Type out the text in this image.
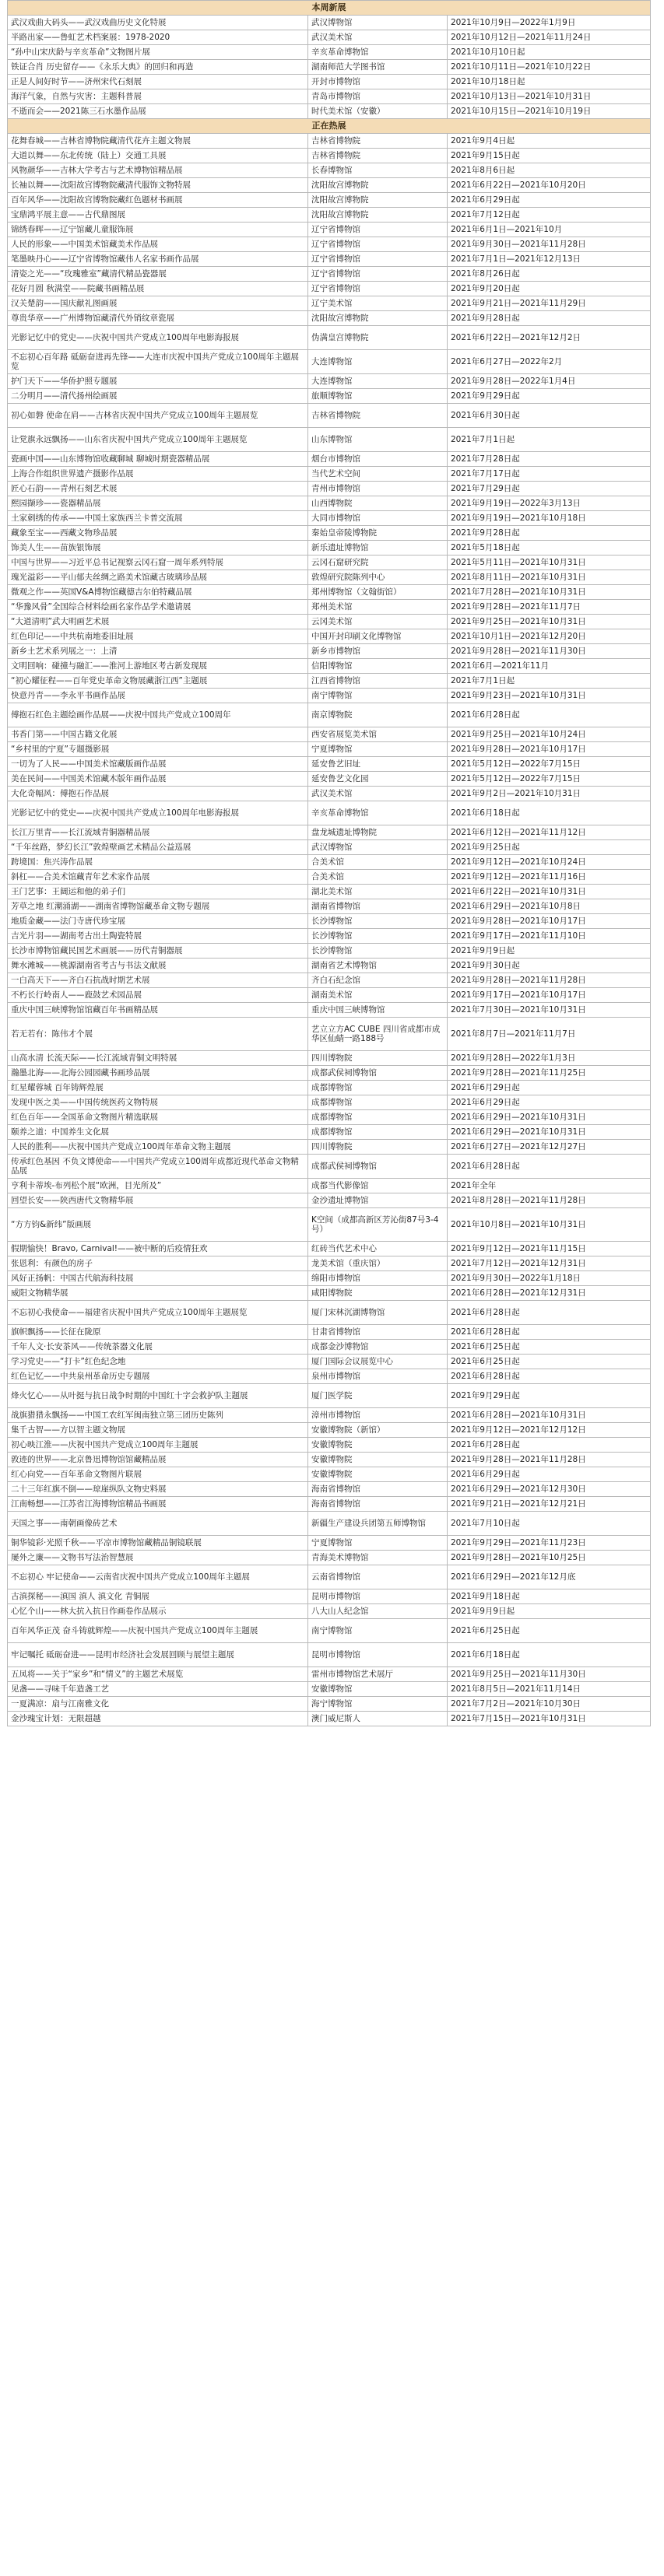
本周新展		
武汉戏曲大码头——武汉戏曲历史文化特展	武汉博物馆	2021年10月9日—2022年1月9日
半路出家——鲁虹艺术档案展：1978-2020	武汉美术馆	2021年10月12日—2021年11月24日
“孙中山宋庆龄与辛亥革命”文物图片展	辛亥革命博物馆	2021年10月10日起
铁证合肖 历史留存——《永乐大典》的回归和再造	湖南师范大学图书馆	2021年10月11日—2021年10月22日
正是人间好时节——济州宋代石刻展	开封市博物馆	2021年10月18日起
海洋气象，自然与灾害：主题科普展	青岛市博物馆	2021年10月13日—2021年10月31日
不逝而会——2021陈三石水墨作品展	时代美术馆（安徽）	2021年10月15日—2021年10月19日
正在热展		
花舞春城——吉林省博物院藏清代花卉主题文物展	吉林省博物院	2021年9月4日起
大道以舞——东北传统（陆上）交通工具展	吉林省博物院	2021年9月15日起
风物颜华——吉林大学考古与艺术博物馆精品展	长春博物馆	2021年8月6日起
长袖以舞——沈阳故宫博物院藏清代服饰文物特展	沈阳故宫博物院	2021年6月22日—2021年10月20日
百年风华——沈阳故宫博物院藏红色题材书画展	沈阳故宫博物院	2021年6月29日起
宝鼎鸿平展主意——古代鼎图展	沈阳故宫博物院	2021年7月12日起
锦绣春晖——辽宁馆藏儿童服饰展	辽宁省博物馆	2021年6月1日—2021年10月
人民的形象——中国美术馆藏美术作品展	辽宁省博物馆	2021年9月30日—2021年11月28日
笔墨映丹心——辽宁省博物馆藏伟人名家书画作品展	辽宁省博物馆	2021年7月1日—2021年12月13日
清姿之光——“玫瑰雅室”藏清代精品瓷器展	辽宁省博物馆	2021年8月26日起
花好月圆 秋满堂——院藏书画精品展	辽宁省博物馆	2021年9月20日起
汉关楚韵——国庆献礼图画展	辽宁美术馆	2021年9月21日—2021年11月29日
尊贵华章——广州博物馆藏清代外销纹章瓷展	沈阳故宫博物院	2021年9月28日起
光影记忆中的党史——庆祝中国共产党成立100周年电影海报展	伪满皇宫博物院	2021年6月22日—2021年12月2日
不忘初心百年路 砥砺奋进再先锋——大连市庆祝中国共产党成立100周年主题展览	大连博物馆	2021年6月27日—2022年2月
护门天下——华侨护照专题展	大连博物馆	2021年9月28日—2022年1月4日
二分明月——清代扬州绘画展	旅顺博物馆	2021年9月29日起
初心如磐 使命在肩——吉林省庆祝中国共产党成立100周年主题展览	吉林省博物院	2021年6月30日起
让党旗永远飘扬——山东省庆祝中国共产党成立100周年主题展览	山东博物馆	2021年7月1日起
瓷画中国——山东博物馆收藏聊城 聊城时期瓷器精品展	烟台市博物馆	2021年7月28日起
上海合作组织世界遗产摄影作品展	当代艺术空间	2021年7月17日起
匠心石韵——青州石刻艺术展	青州市博物馆	2021年7月29日起
熙园撷珍——瓷器精品展	山西博物院	2021年9月19日—2022年3月13日
土家刺绣的传承——中国土家族西兰卡普交流展	大同市博物馆	2021年9月19日—2021年10月18日
藏象至宝——西藏文物珍品展	秦始皇帝陵博物院	2021年9月28日起
饰美人生——苗族银饰展	新乐遗址博物馆	2021年5月18日起
中国与世界——习近平总书记视察云冈石窟一周年系列特展	云冈石窟研究院	2021年5月11日—2021年10月31日
瑰光溢彩——平山郁夫丝绸之路美术馆藏古玻璃珍品展	敦煌研究院陈列中心	2021年8月11日—2021年10月31日
微观之作——英国V&A博物馆藏德吉尔伯特藏品展	郑州博物馆（文翰街馆）	2021年7月28日—2021年10月31日
“华豫风骨”全国综合材料绘画名家作品学术邀请展	郑州美术馆	2021年9月28日—2021年11月7日
“大道清明”武大明画艺术展	云冈美术馆	2021年9月25日—2021年10月31日
红色印记——中共杭南地委旧址展	中国开封印刷文化博物馆	2021年10月1日—2021年12月20日
新乡土艺术系列展之一：上清	新乡市博物馆	2021年9月28日—2021年11月30日
文明回响：碰撞与融汇——淮河上游地区考古新发现展	信阳博物馆	2021年6月—2021年11月
“初心耀征程——百年党史革命文物展藏浙江西”主题展	江西省博物馆	2021年7月1日起
快意丹青——李永平书画作品展	南宁博物馆	2021年9月23日—2021年10月31日
傅抱石红色主题绘画作品展——庆祝中国共产党成立100周年	南京博物院	2021年6月28日起
书香门第——中国古籍文化展	西安省展览美术馆	2021年9月25日—2021年10月24日
“乡村里的宁夏”专题摄影展	宁夏博物馆	2021年9月28日—2021年10月17日
一切为了人民——中国美术馆藏版画作品展	延安鲁艺旧址	2021年5月12日—2022年7月15日
美在民间——中国美术馆藏木版年画作品展	延安鲁艺文化园	2021年5月12日—2022年7月15日
大化奇幅风：傅抱石作品展	武汉美术馆	2021年9月2日—2021年10月31日
光影记忆中的党史——庆祝中国共产党成立100周年电影海报展	辛亥革命博物馆	2021年6月18日起
长江万里青——长江流域青铜器精品展	盘龙城遗址博物院	2021年6月12日—2021年11月12日
“千年丝路，梦幻长江”敦煌壁画艺术精品公益巡展	武汉博物馆	2021年9月25日起
跨境国：焦兴涛作品展	合美术馆	2021年9月12日—2021年10月24日
斜杠——合美术馆藏青年艺术家作品展	合美术馆	2021年9月12日—2021年11月16日
王门艺事：王阔运和他的弟子们	湖北美术馆	2021年6月22日—2021年10月31日
芳草之地 红潮涌湖——湖南省博物馆藏革命文物专题展	湖南省博物馆	2021年6月29日—2021年10月8日
地质金藏——法门寺唐代珍宝展	长沙博物馆	2021年9月28日—2021年10月17日
吉光片羽——湖南考古出土陶瓷特展	长沙博物馆	2021年9月17日—2021年11月10日
长沙市博物馆藏民国艺术画展——历代青铜器展	长沙博物馆	2021年9月9日起
舞水滩城——桃源湖南省考古与书法文献展	湖南省艺术博物馆	2021年9月30日起
一白高天下——齐白石抗战时期艺术展	齐白石纪念馆	2021年9月28日—2021年11月28日
不朽长行岭南人——鹿鼓艺术园品展	湖南美术馆	2021年9月17日—2021年10月17日
重庆中国三峡博物馆馆藏百年书画精品展	重庆中国三峡博物馆	2021年7月30日—2021年10月31日
若无若有：陈伟才个展	艺立立方AC CUBE 四川省成都市成华区仙蜻一路188号	2021年8月7日—2021年11月7日
山高水清 长流天际——长江流域青铜文明特展	四川博物院	2021年9月28日—2022年1月3日
瀚墨北海——北海公园园藏书画珍品展	成都武侯祠博物馆	2021年9月28日—2021年11月25日
红星耀蓉城 百年铸辉煌展	成都博物馆	2021年6月29日起
发现中医之美——中国传统医药文物特展	成都博物馆	2021年6月29日起
红色百年——全国革命文物图片精选联展	成都博物馆	2021年6月29日—2021年10月31日
颐养之道：中国养生文化展	成都博物馆	2021年6月29日—2021年10月31日
人民的胜利——庆祝中国共产党成立100周年革命文物主题展	四川博物院	2021年6月27日—2021年12月27日
传承红色基因 不负文博使命——中国共产党成立100周年成都近现代革命文物精品展	成都武侯祠博物馆	2021年6月28日起
亨利卡蒂埃-布列松个展“欧洲，目光所及”	成都当代影像馆	2021年全年
回望长安——陕西唐代文物精华展	金沙遗址博物馆	2021年8月28日—2021年11月28日
“方方钧&新纬”版画展	K空间（成都高新区芳沁街87号3-4号）	2021年10月8日—2021年10月31日
假期愉快！Bravo, Carnival!——被中断的后疫情狂欢	红砖当代艺术中心	2021年9月12日—2021年11月15日
张恩利：有颜色的房子	龙美术馆（重庆馆）	2021年7月12日—2021年12月31日
风好正扬帆：中国古代航海科技展	绵阳市博物馆	2021年9月30日—2022年1月18日
威阳文物精华展	咸阳博物院	2021年6月28日—2021年12月31日
不忘初心我使命——福建省庆祝中国共产党成立100周年主题展览	厦门宋林沉湖博物馆	2021年6月28日起
旗帜飘扬——长征在陇原	甘肃省博物馆	2021年6月28日起
千年人文·长安茶风——传统茶器文化展	成都金沙博物馆	2021年6月25日起
学习党史——“打卡”红色纪念地	厦门国际会议展览中心	2021年6月25日起
红色记忆——中共泉州革命历史专题展	泉州市博物馆	2021年6月28日起
烽火忆心——从叶挺与抗日战争时期的中国红十字会救护队主题展	厦门医学院	2021年9月29日起
战旗猎猎永飘扬——中国工农红军闽南独立第三团历史陈列	漳州市博物馆	2021年6月28日—2021年10月31日
集千古智——方以智主题文物展	安徽博物院（新馆）	2021年9月12日—2021年12月12日
初心映江淮——庆祝中国共产党成立100周年主题展	安徽博物院	2021年6月28日起
敦迹的世界——北京鲁迅博物馆馆藏精品展	安徽博物院	2021年9月28日—2021年11月28日
红心向党——百年革命文物图片联展	安徽博物院	2021年6月29日起
二十三年红旗不倒——琼崖纵队文物史料展	海南省博物馆	2021年6月29日—2021年12月30日
江南畅想——江苏省江海博物馆精品书画展	海南省博物馆	2021年9月21日—2021年12月21日
天国之事——南朝画像砖艺术	新疆生产建设兵团第五师博物馆	2021年7月10日起
铜华镜彩·光照千秋——平凉市博物馆藏精品铜镜联展	宁夏博物馆	2021年9月29日—2021年11月23日
屡外之廉——文物书写法治智慧展	青海美术博物馆	2021年9月28日—2021年10月25日
不忘初心 牢记使命——云南省庆祝中国共产党成立100周年主题展	云南省博物馆	2021年6月29日—2021年12月底
古滇探秘——滇国 滇人 滇文化 青铜展	昆明市博物馆	2021年9月18日起
心忆个山——林大抗入抗日作画卷作品展示	八大山人纪念馆	2021年9月9日起
百年风华正茂 奋斗铸就辉煌——庆祝中国共产党成立100周年主题展	南宁博物馆	2021年6月25日起
牢记嘱托 砥砺奋进——昆明市经济社会发展回顾与展望主题展	昆明市博物馆	2021年6月18日起
五凤将——关于“家乡”和“情义”的主题艺术展览	雷州市博物馆艺术展厅	2021年9月25日—2021年11月30日
见盏——寻味千年造盏工艺	安徽博物馆	2021年8月5日—2021年11月14日
一夏满凉：扇与江南雅文化	海宁博物馆	2021年7月2日—2021年10月30日
金沙瑰宝计划：无限超越	澳门威尼斯人	2021年7月15日—2021年10月31日
